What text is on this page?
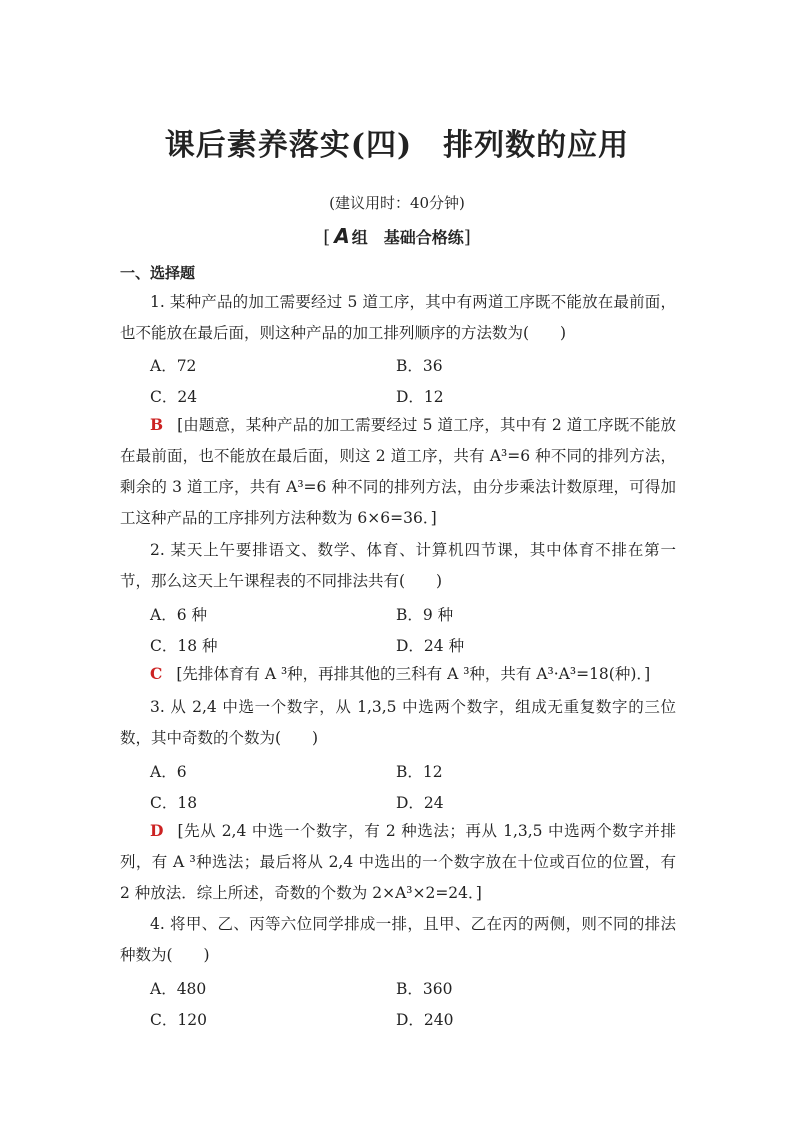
课后素养落实(四)　排列数的应用
(建议用时：40分钟)
[ A 组　基础合格练]
一、选择题
1. 某种产品的加工需要经过 5 道工序，其中有两道工序既不能放在最前面，也不能放在最后面，则这种产品的加工排列顺序的方法数为(　　)
A．72	B．36
C．24	D．12
B [由题意，某种产品的加工需要经过 5 道工序，其中有 2 道工序既不能放在最前面，也不能放在最后面，则这 2 道工序，共有 A³=6 种不同的排列方法，剩余的 3 道工序，共有 A³=6 种不同的排列方法，由分步乘法计数原理，可得加工这种产品的工序排列方法种数为 6×6=36．]
2. 某天上午要排语文、数学、体育、计算机四节课，其中体育不排在第一节，那么这天上午课程表的不同排法共有(　　)
A．6 种	B．9 种
C．18 种	D．24 种
C [先排体育有 A ³种，再排其他的三科有 A ³种，共有 A³·A³=18(种)．]
3. 从 2,4 中选一个数字，从 1,3,5 中选两个数字，组成无重复数字的三位数，其中奇数的个数为(　　)
A．6	B．12
C．18	D．24
D [先从 2,4 中选一个数字，有 2 种选法；再从 1,3,5 中选两个数字并排列，有 A ³种选法；最后将从 2,4 中选出的一个数字放在十位或百位的位置，有 2 种放法．综上所述，奇数的个数为 2×A³×2=24．]
4. 将甲、乙、丙等六位同学排成一排，且甲、乙在丙的两侧，则不同的排法种数为(　　)
A．480	B．360
C．120	D．240
